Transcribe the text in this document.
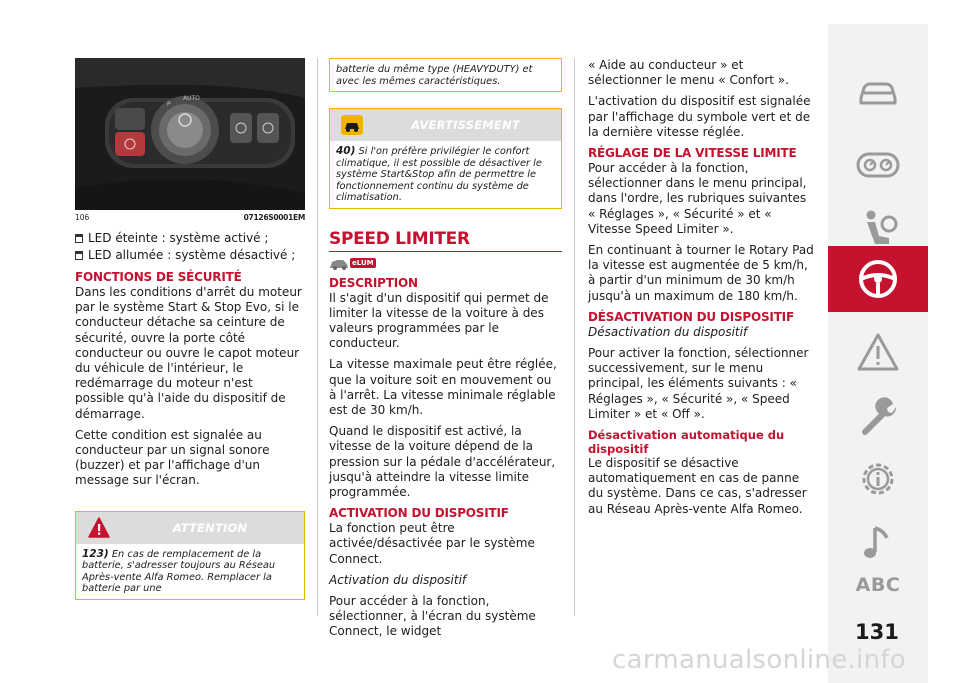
P
AUTO
106	07126S0001EM
LED éteinte : système activé ;
LED allumée : système désactivé ;
FONCTIONS DE SÉCURITÉ

Dans les conditions d'arrêt du moteur par le système Start & Stop Evo, si le conducteur détache sa ceinture de sécurité, ouvre la porte côté conducteur ou ouvre le capot moteur du véhicule de l'intérieur, le redémarrage du moteur n'est possible qu'à l'aide du dispositif de démarrage.

Cette condition est signalée au conducteur par un signal sonore (buzzer) et par l'affichage d'un message sur l'écran.

ATTENTION
123) En cas de remplacement de la batterie, s'adresser toujours au Réseau Après-vente Alfa Romeo. Remplacer la batterie par une
batterie du même type (HEAVYDUTY) et avec les mêmes caractéristiques.
AVERTISSEMENT
40) Si l'on préfère privilégier le confort climatique, il est possible de désactiver le système Start&Stop afin de permettre le fonctionnement continu du système de climatisation.
SPEED LIMITER
eLUM
DESCRIPTION

Il s'agit d'un dispositif qui permet de limiter la vitesse de la voiture à des valeurs programmées par le conducteur.

La vitesse maximale peut être réglée, que la voiture soit en mouvement ou à l'arrêt. La vitesse minimale réglable est de 30 km/h.

Quand le dispositif est activé, la vitesse de la voiture dépend de la pression sur la pédale d'accélérateur, jusqu'à atteindre la vitesse limite programmée.

ACTIVATION DU DISPOSITIF

La fonction peut être activée/désactivée par le système Connect.

Activation du dispositif

Pour accéder à la fonction, sélectionner, à l'écran du système Connect, le widget

« Aide au conducteur » et sélectionner le menu « Confort ».

L'activation du dispositif est signalée par l'affichage du symbole vert et de la dernière vitesse réglée.

RÉGLAGE DE LA VITESSE LIMITE

Pour accéder à la fonction, sélectionner dans le menu principal, dans l'ordre, les rubriques suivantes « Réglages », « Sécurité » et « Vitesse Speed Limiter ».

En continuant à tourner le Rotary Pad la vitesse est augmentée de 5 km/h, à partir d'un minimum de 30 km/h jusqu'à un maximum de 180 km/h.

DÉSACTIVATION DU DISPOSITIF

Désactivation du dispositif

Pour activer la fonction, sélectionner successivement, sur le menu principal, les éléments suivants : « Réglages », « Sécurité », « Speed Limiter » et « Off ».

Désactivation automatique du dispositif

Le dispositif se désactive automatiquement en cas de panne du système. Dans ce cas, s'adresser au Réseau Après-vente Alfa Romeo.

ABC
131
carmanualsonline.info
